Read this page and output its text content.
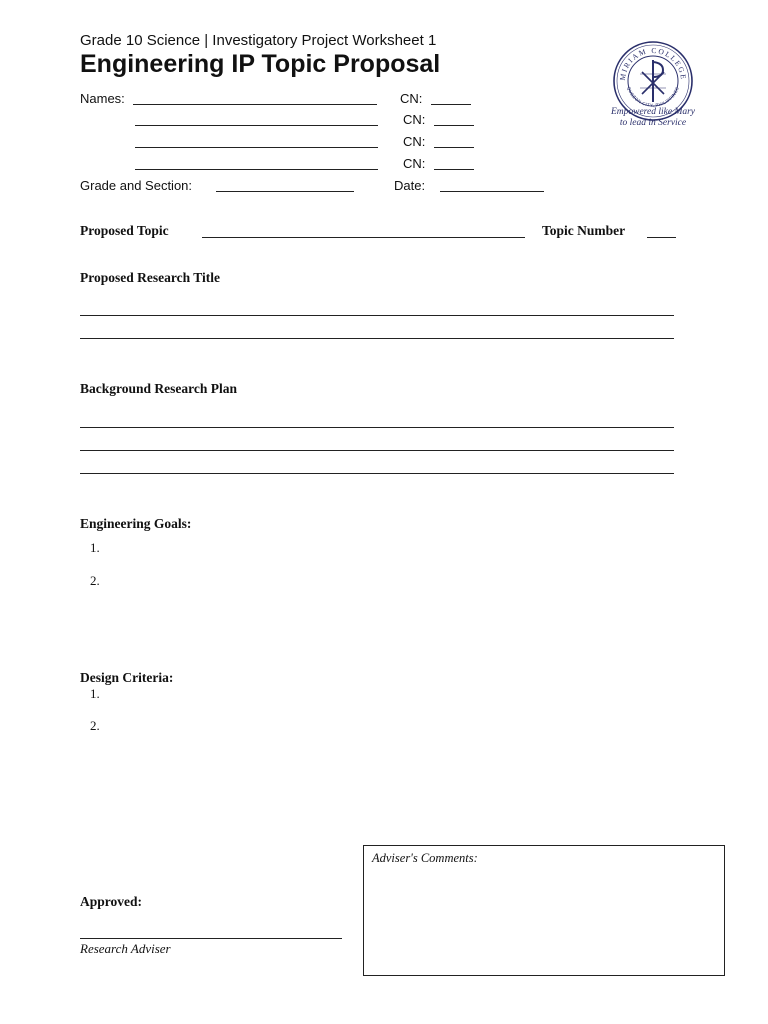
Grade 10 Science | Investigatory Project Worksheet 1
Engineering IP Topic Proposal	MIRIAM COLLEGE
QUEZON CITY, PHILIPPINES
Empowered like Mary
to lead in Service
Names:	CN:
CN:
CN:
CN:
Grade and Section:	Date:
Proposed Topic	Topic Number
Proposed Research Title
Background Research Plan
Engineering Goals:
1.
2.
Design Criteria:
1.
2.
Approved:
Research Adviser
Adviser's Comments:
